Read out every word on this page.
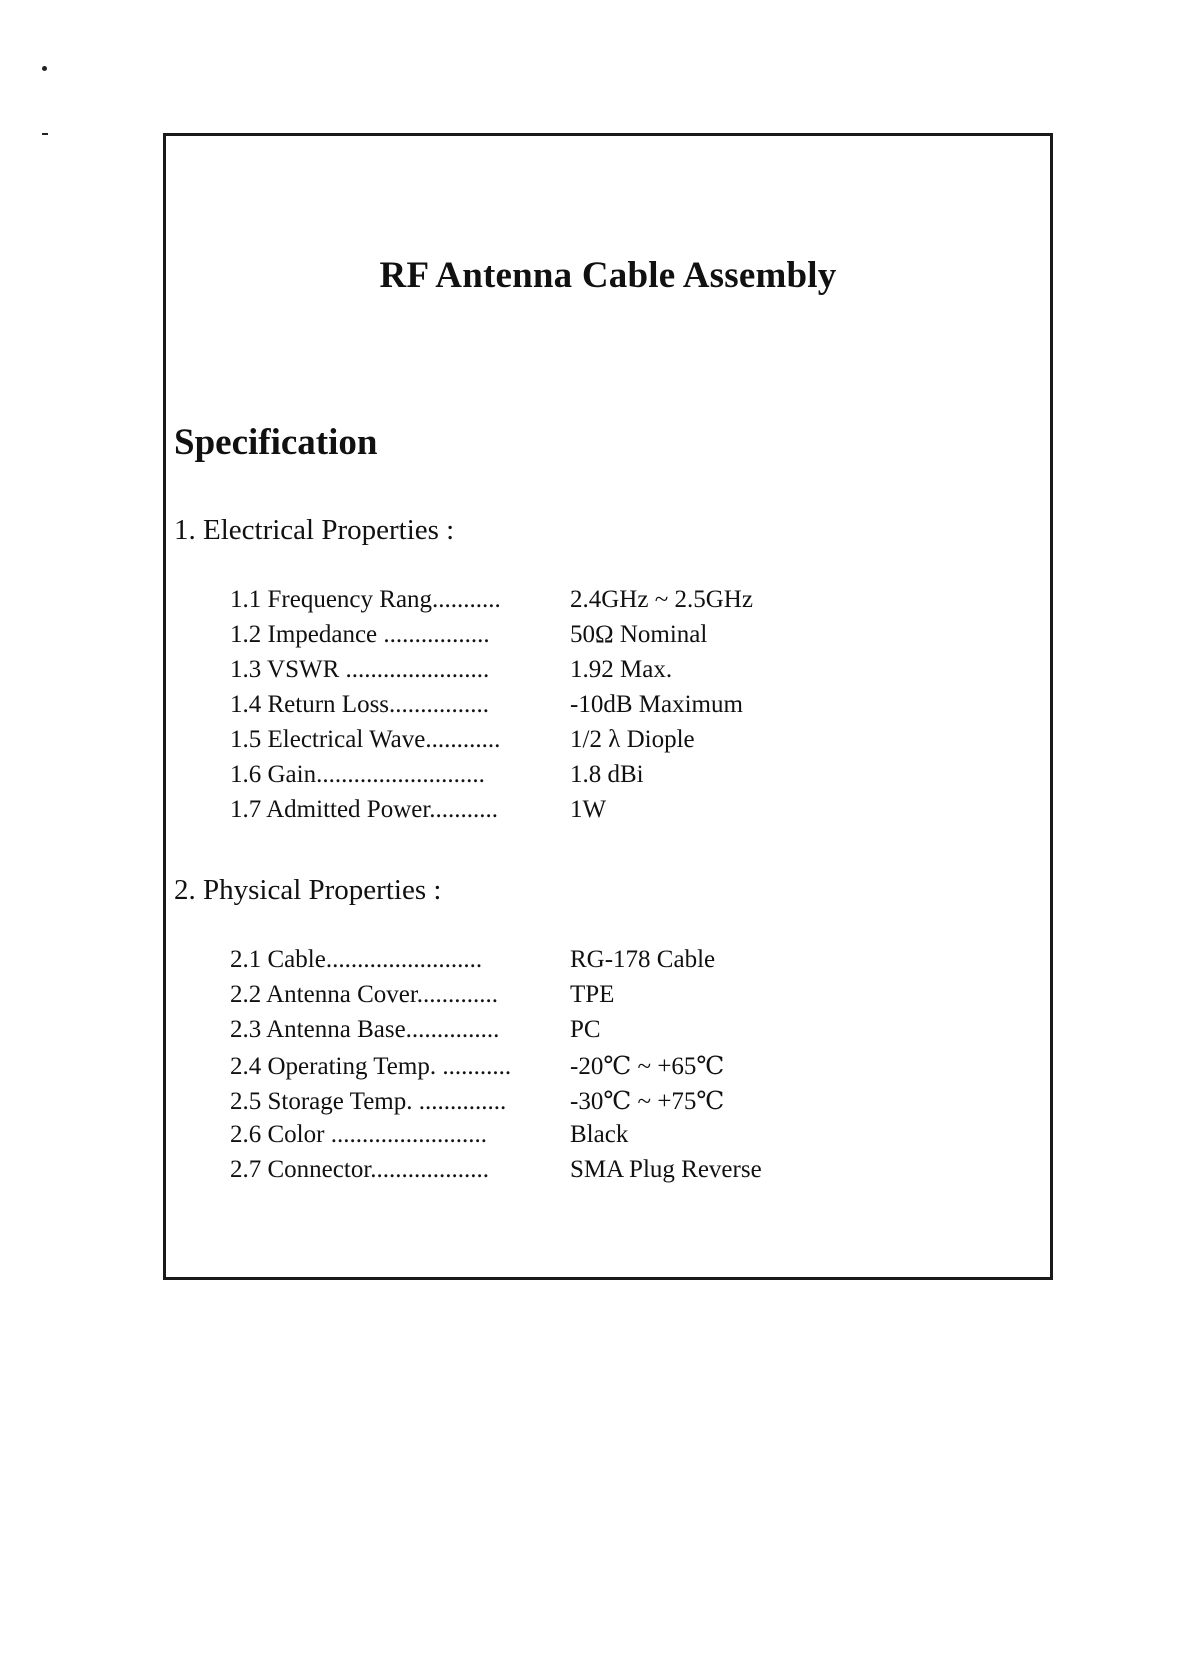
RF Antenna Cable Assembly
Specification
1. Electrical Properties :
1.1 Frequency Rang...........	2.4GHz ~ 2.5GHz
1.2 Impedance .................	50Ω Nominal
1.3 VSWR .......................	1.92 Max.
1.4 Return Loss................	-10dB Maximum
1.5 Electrical Wave............	1/2 λ Diople
1.6 Gain...........................	1.8 dBi
1.7 Admitted Power...........	1W
2. Physical Properties :
2.1 Cable.........................	RG-178 Cable
2.2 Antenna Cover.............	TPE
2.3 Antenna Base...............	PC
2.4 Operating Temp. ...........	-20℃ ~ +65℃
2.5 Storage Temp. ..............	-30℃ ~ +75℃
2.6 Color .........................	Black
2.7 Connector...................	SMA Plug Reverse
